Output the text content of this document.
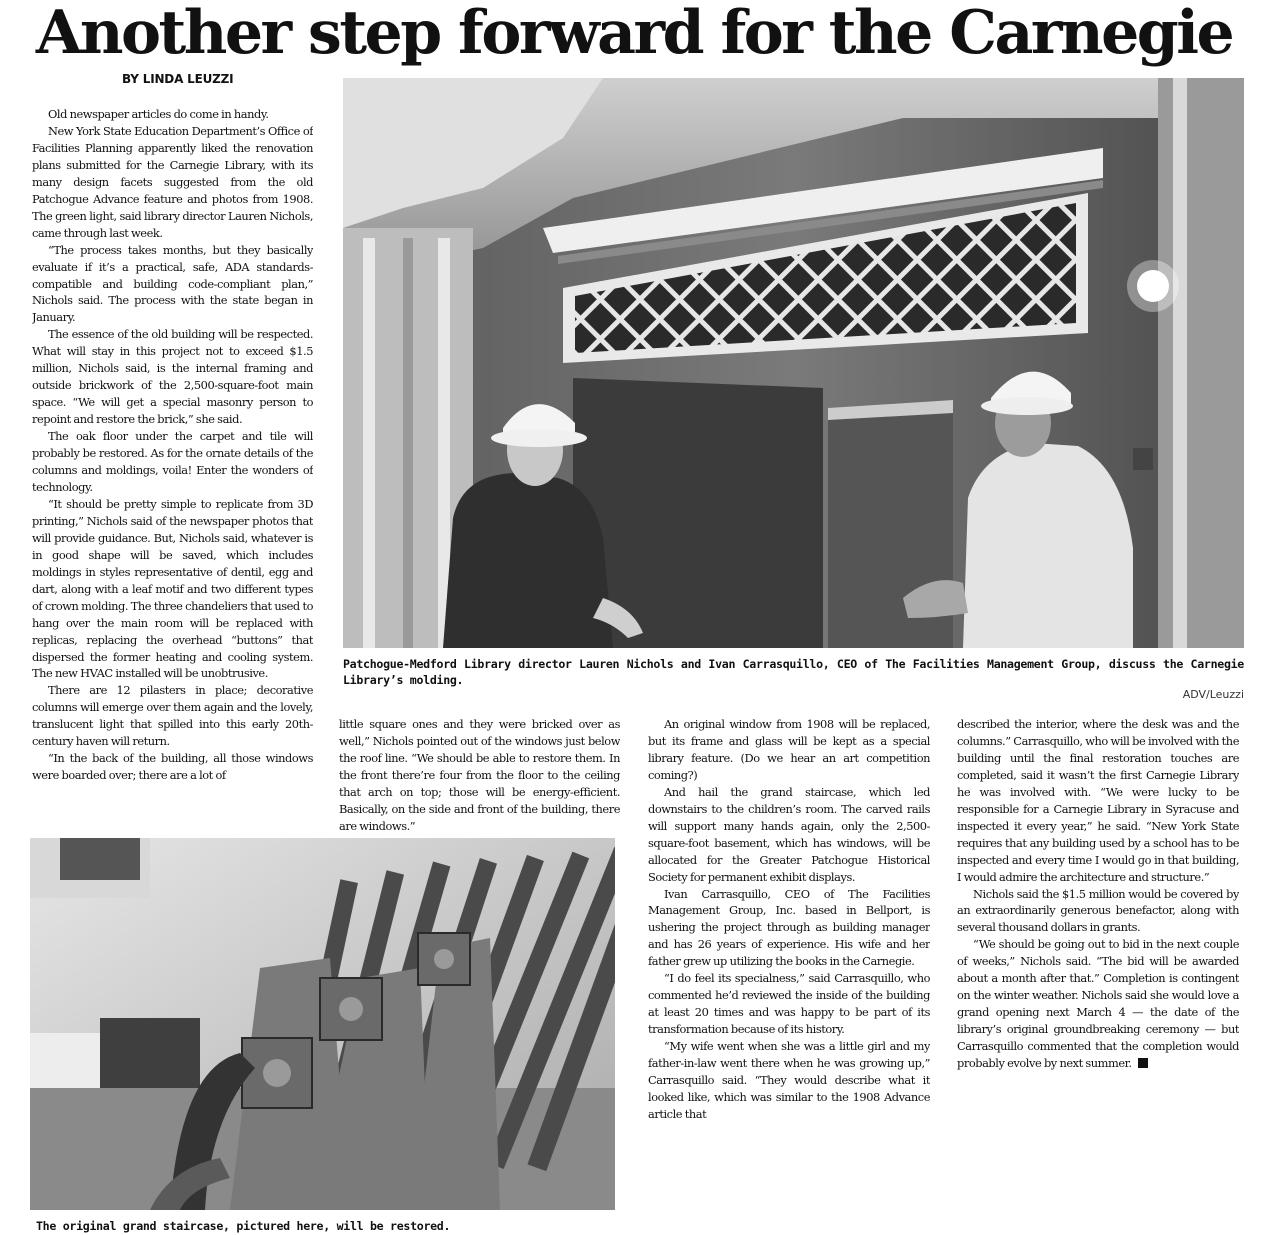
Another step forward for the Carnegie
BY LINDA LEUZZI

Old newspaper articles do come in handy.

New York State Education Department’s Office of Facilities Planning apparently liked the renovation plans submitted for the Carnegie Library, with its many design facets suggested from the old Patchogue Advance feature and photos from 1908. The green light, said library director Lauren Nichols, came through last week.

“The process takes months, but they basically evaluate if it’s a practical, safe, ADA standards-compatible and building code-compliant plan,” Nichols said. The process with the state began in January.

The essence of the old building will be respected. What will stay in this project not to exceed $1.5 million, Nichols said, is the internal framing and outside brickwork of the 2,500-square-foot main space. “We will get a special masonry person to repoint and restore the brick,” she said.

The oak floor under the carpet and tile will probably be restored. As for the ornate details of the columns and moldings, voila! Enter the wonders of technology.

“It should be pretty simple to replicate from 3D printing,” Nichols said of the newspaper photos that will provide guidance. But, Nichols said, whatever is in good shape will be saved, which includes moldings in styles representative of dentil, egg and dart, along with a leaf motif and two different types of crown molding. The three chandeliers that used to hang over the main room will be replaced with replicas, replacing the overhead “buttons” that dispersed the former heating and cooling system. The new HVAC installed will be unobtrusive.

There are 12 pilasters in place; decorative columns will emerge over them again and the lovely, translucent light that spilled into this early 20th-century haven will return.

“In the back of the building, all those windows were boarded over; there are a lot of

little square ones and they were bricked over as well,” Nichols pointed out of the windows just below the roof line. “We should be able to restore them. In the front there’re four from the floor to the ceiling that arch on top; those will be energy-efficient. Basically, on the side and front of the building, there are windows.”

An original window from 1908 will be replaced, but its frame and glass will be kept as a special library feature. (Do we hear an art competition coming?)

And hail the grand staircase, which led downstairs to the children’s room. The carved rails will support many hands again, only the 2,500-square-foot basement, which has windows, will be allocated for the Greater Patchogue Historical Society for permanent exhibit displays.

Ivan Carrasquillo, CEO of The Facilities Management Group, Inc. based in Bellport, is ushering the project through as building manager and has 26 years of experience. His wife and her father grew up utilizing the books in the Carnegie.

“I do feel its specialness,” said Carrasquillo, who commented he’d reviewed the inside of the building at least 20 times and was happy to be part of its transformation because of its history.

“My wife went when she was a little girl and my father-in-law went there when he was growing up,” Carrasquillo said. “They would describe what it looked like, which was similar to the 1908 Advance article that

described the interior, where the desk was and the columns.” Carrasquillo, who will be involved with the building until the final restoration touches are completed, said it wasn’t the first Carnegie Library he was involved with. “We were lucky to be responsible for a Carnegie Library in Syracuse and inspected it every year,” he said. “New York State requires that any building used by a school has to be inspected and every time I would go in that building, I would admire the architecture and structure.”

Nichols said the $1.5 million would be covered by an extraordinarily generous benefactor, along with several thousand dollars in grants.

“We should be going out to bid in the next couple of weeks,” Nichols said. “The bid will be awarded about a month after that.” Completion is contingent on the winter weather. Nichols said she would love a grand opening next March 4 — the date of the library’s original groundbreaking ceremony — but Carrasquillo commented that the completion would probably evolve by next summer.

Patchogue-Medford Library director Lauren Nichols and Ivan Carrasquillo, CEO of The Facilities Management Group, discuss the Carnegie Library’s molding.
ADV/Leuzzi
The original grand staircase, pictured here, will be restored.
